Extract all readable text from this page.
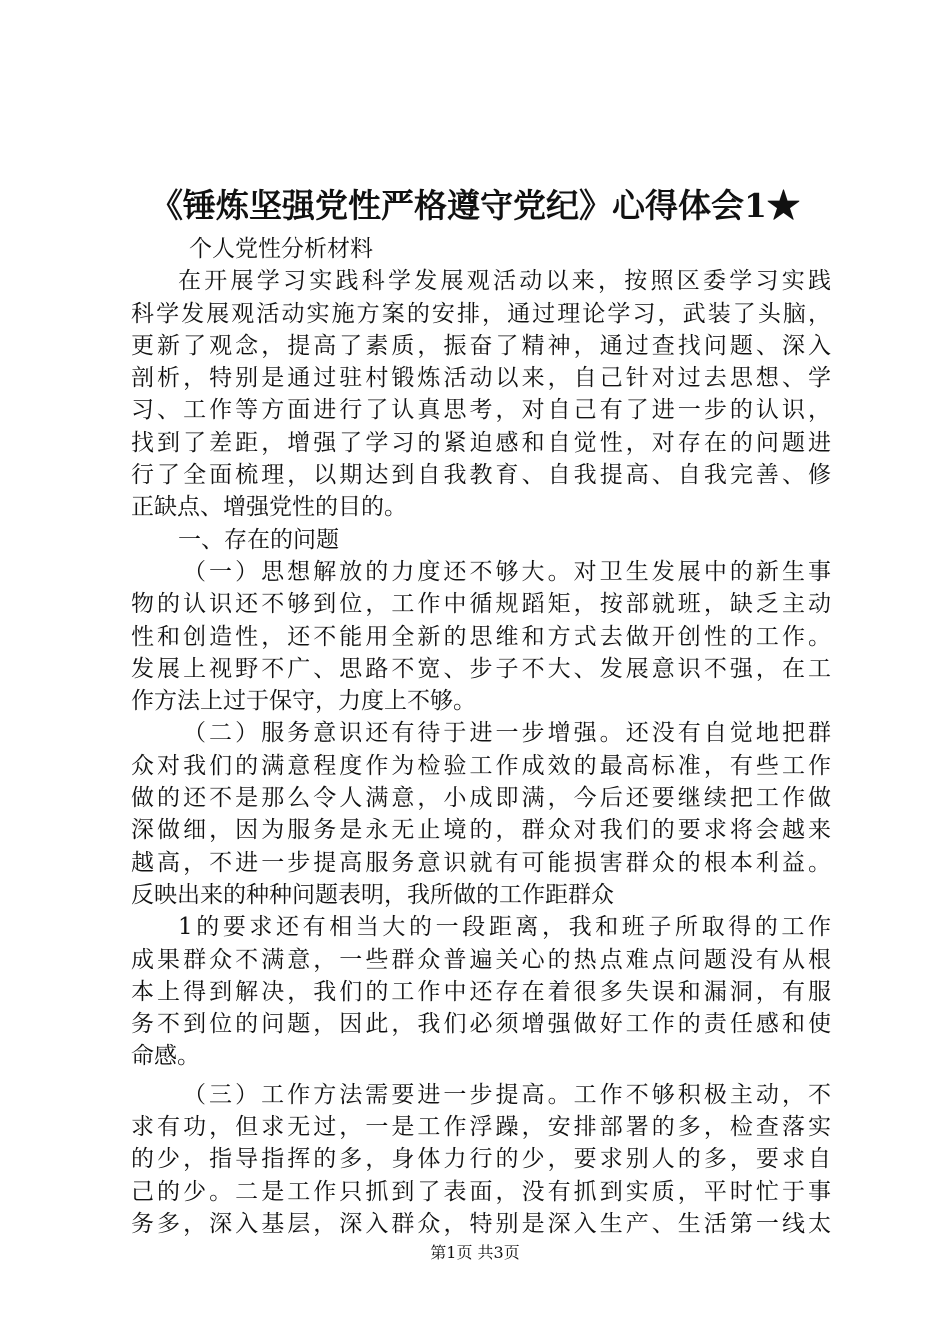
《锤炼坚强党性严格遵守党纪》心得体会1★
个人党性分析材料
在开展学习实践科学发展观活动以来，按照区委学习实践
科学发展观活动实施方案的安排，通过理论学习，武装了头脑，
更新了观念，提高了素质，振奋了精神，通过查找问题、深入
剖析，特别是通过驻村锻炼活动以来，自己针对过去思想、学
习、工作等方面进行了认真思考，对自己有了进一步的认识，
找到了差距，增强了学习的紧迫感和自觉性，对存在的问题进
行了全面梳理，以期达到自我教育、自我提高、自我完善、修
正缺点、增强党性的目的。
一、存在的问题
（一）思想解放的力度还不够大。对卫生发展中的新生事
物的认识还不够到位，工作中循规蹈矩，按部就班，缺乏主动
性和创造性，还不能用全新的思维和方式去做开创性的工作。
发展上视野不广、思路不宽、步子不大、发展意识不强，在工
作方法上过于保守，力度上不够。
（二）服务意识还有待于进一步增强。还没有自觉地把群
众对我们的满意程度作为检验工作成效的最高标准，有些工作
做的还不是那么令人满意，小成即满，今后还要继续把工作做
深做细，因为服务是永无止境的，群众对我们的要求将会越来
越高，不进一步提高服务意识就有可能损害群众的根本利益。
反映出来的种种问题表明，我所做的工作距群众
1的要求还有相当大的一段距离，我和班子所取得的工作
成果群众不满意，一些群众普遍关心的热点难点问题没有从根
本上得到解决，我们的工作中还存在着很多失误和漏洞，有服
务不到位的问题，因此，我们必须增强做好工作的责任感和使
命感。
（三）工作方法需要进一步提高。工作不够积极主动，不
求有功，但求无过，一是工作浮躁，安排部署的多，检查落实
的少，指导指挥的多，身体力行的少，要求别人的多，要求自
己的少。二是工作只抓到了表面，没有抓到实质，平时忙于事
务多，深入基层，深入群众，特别是深入生产、生活第一线太
第1页 共3页
